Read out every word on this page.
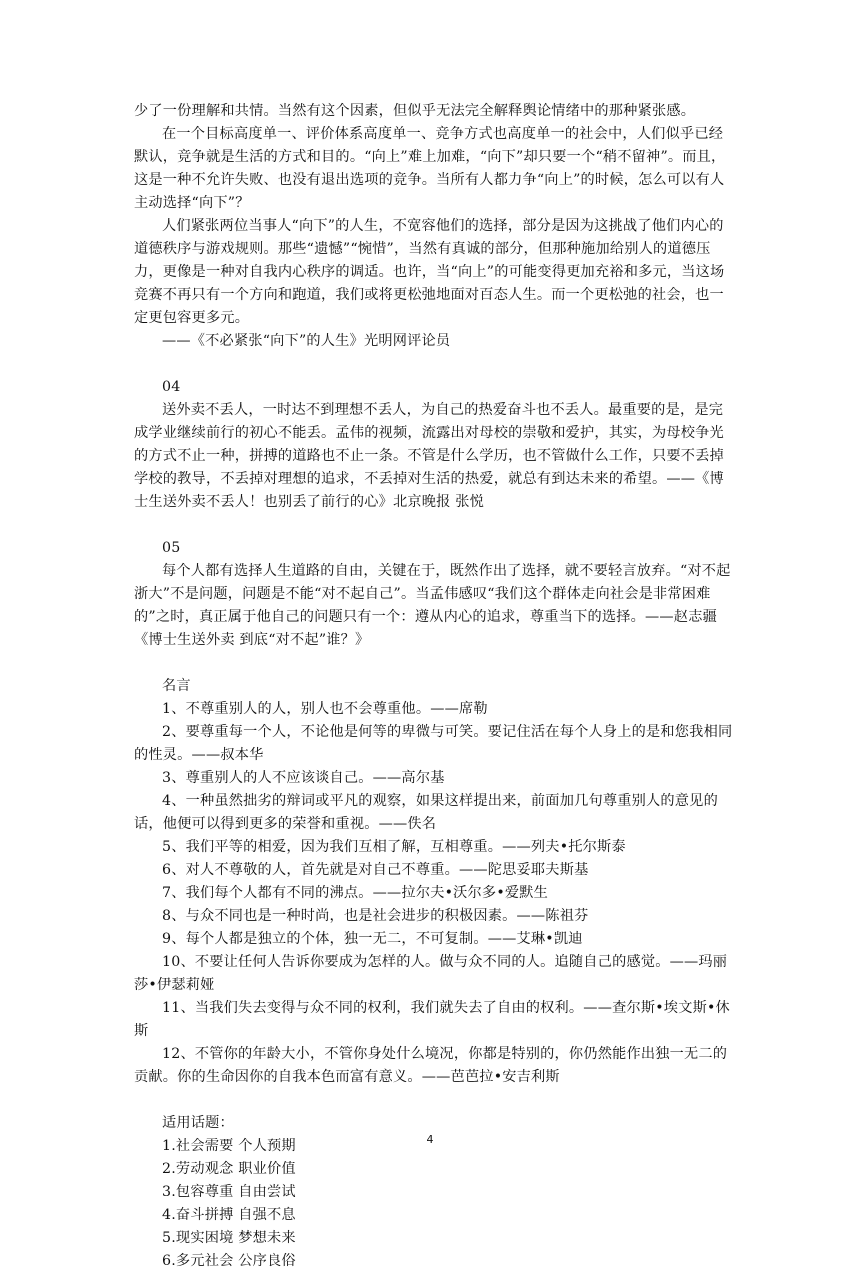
少了一份理解和共情。当然有这个因素，但似乎无法完全解释舆论情绪中的那种紧张感。

在一个目标高度单一、评价体系高度单一、竞争方式也高度单一的社会中，人们似乎已经默认，竞争就是生活的方式和目的。“向上”难上加难，“向下”却只要一个“稍不留神”。而且，这是一种不允许失败、也没有退出选项的竞争。当所有人都力争“向上”的时候，怎么可以有人主动选择“向下”？

人们紧张两位当事人“向下”的人生，不宽容他们的选择，部分是因为这挑战了他们内心的道德秩序与游戏规则。那些“遗憾”“惋惜”，当然有真诚的部分，但那种施加给别人的道德压力，更像是一种对自我内心秩序的调适。也许，当“向上”的可能变得更加充裕和多元，当这场竞赛不再只有一个方向和跑道，我们或将更松弛地面对百态人生。而一个更松弛的社会，也一定更包容更多元。

——《不必紧张“向下”的人生》光明网评论员

04

送外卖不丢人，一时达不到理想不丢人，为自己的热爱奋斗也不丢人。最重要的是，是完成学业继续前行的初心不能丢。孟伟的视频，流露出对母校的崇敬和爱护，其实，为母校争光的方式不止一种，拼搏的道路也不止一条。不管是什么学历，也不管做什么工作，只要不丢掉学校的教导，不丢掉对理想的追求，不丢掉对生活的热爱，就总有到达未来的希望。——《博士生送外卖不丢人！也别丢了前行的心》北京晚报 张悦

05

每个人都有选择人生道路的自由，关键在于，既然作出了选择，就不要轻言放弃。“对不起浙大”不是问题，问题是不能“对不起自己”。当孟伟感叹“我们这个群体走向社会是非常困难的”之时，真正属于他自己的问题只有一个：遵从内心的追求，尊重当下的选择。——赵志疆《博士生送外卖 到底“对不起”谁？》

名言

1、不尊重别人的人，别人也不会尊重他。——席勒

2、要尊重每一个人，不论他是何等的卑微与可笑。要记住活在每个人身上的是和您我相同的性灵。——叔本华

3、尊重别人的人不应该谈自己。——高尔基

4、一种虽然拙劣的辩词或平凡的观察，如果这样提出来，前面加几句尊重别人的意见的话，他便可以得到更多的荣誉和重视。——佚名

5、我们平等的相爱，因为我们互相了解，互相尊重。——列夫•托尔斯泰

6、对人不尊敬的人，首先就是对自己不尊重。——陀思妥耶夫斯基

7、我们每个人都有不同的沸点。——拉尔夫•沃尔多•爱默生

8、与众不同也是一种时尚，也是社会进步的积极因素。——陈祖芬

9、每个人都是独立的个体，独一无二，不可复制。——艾琳•凯迪

10、不要让任何人告诉你要成为怎样的人。做与众不同的人。追随自己的感觉。——玛丽莎•伊瑟莉娅

11、当我们失去变得与众不同的权利，我们就失去了自由的权利。——查尔斯•埃文斯•休斯

12、不管你的年龄大小，不管你身处什么境况，你都是特别的，你仍然能作出独一无二的贡献。你的生命因你的自我本色而富有意义。——芭芭拉•安吉利斯

适用话题：

1.社会需要 个人预期

2.劳动观念 职业价值

3.包容尊重 自由尝试

4.奋斗拼搏 自强不息

5.现实困境 梦想未来

6.多元社会 公序良俗

4
